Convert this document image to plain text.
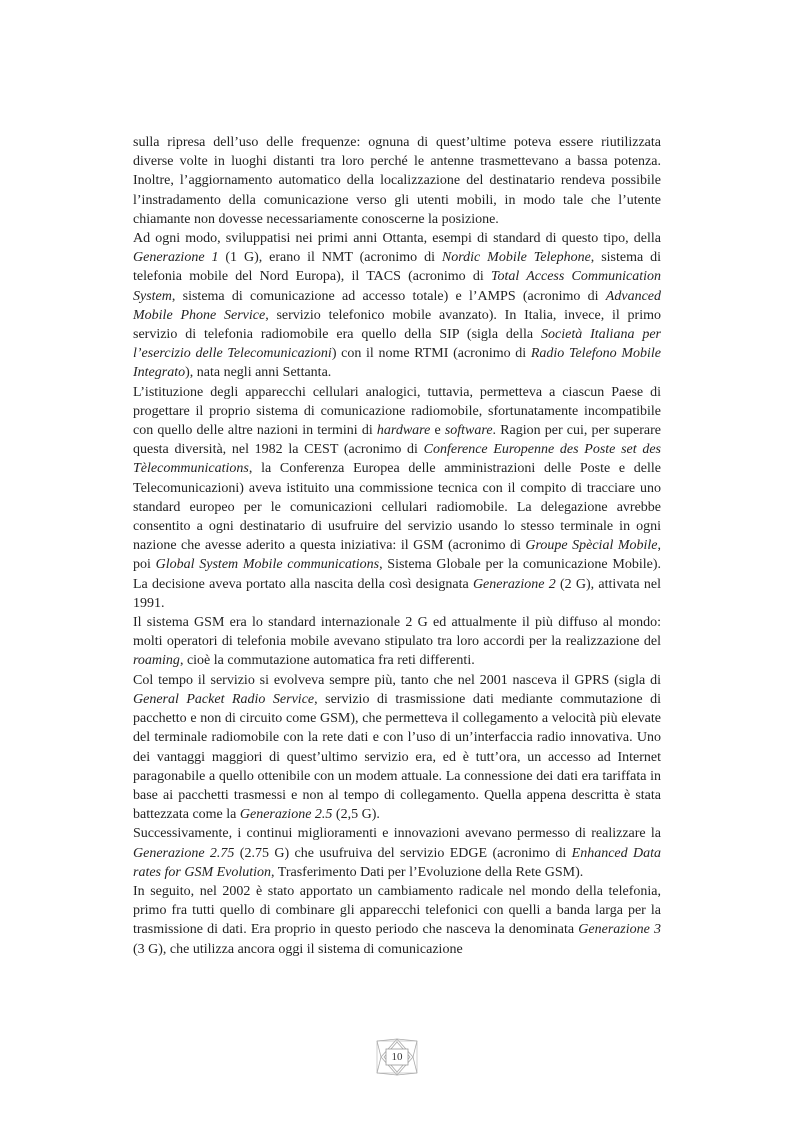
sulla ripresa dell’uso delle frequenze: ognuna di quest’ultime poteva essere riutilizzata diverse volte in luoghi distanti tra loro perché le antenne trasmettevano a bassa potenza. Inoltre, l’aggiornamento automatico della localizzazione del destinatario rendeva possibile l’instradamento della comunicazione verso gli utenti mobili, in modo tale che l’utente chiamante non dovesse necessariamente conoscerne la posizione.

Ad ogni modo, sviluppatisi nei primi anni Ottanta, esempi di standard di questo tipo, della Generazione 1 (1 G), erano il NMT (acronimo di Nordic Mobile Telephone, sistema di telefonia mobile del Nord Europa), il TACS (acronimo di Total Access Communication System, sistema di comunicazione ad accesso totale) e l’AMPS (acronimo di Advanced Mobile Phone Service, servizio telefonico mobile avanzato). In Italia, invece, il primo servizio di telefonia radiomobile era quello della SIP (sigla della Società Italiana per l’esercizio delle Telecomunicazioni) con il nome RTMI (acronimo di Radio Telefono Mobile Integrato), nata negli anni Settanta.

L’istituzione degli apparecchi cellulari analogici, tuttavia, permetteva a ciascun Paese di progettare il proprio sistema di comunicazione radiomobile, sfortunatamente incompatibile con quello delle altre nazioni in termini di hardware e software. Ragion per cui, per superare questa diversità, nel 1982 la CEST (acronimo di Conference Europenne des Poste set des Tèlecommunications, la Conferenza Europea delle amministrazioni delle Poste e delle Telecomunicazioni) aveva istituito una commissione tecnica con il compito di tracciare uno standard europeo per le comunicazioni cellulari radiomobile. La delegazione avrebbe consentito a ogni destinatario di usufruire del servizio usando lo stesso terminale in ogni nazione che avesse aderito a questa iniziativa: il GSM (acronimo di Groupe Spècial Mobile, poi Global System Mobile communications, Sistema Globale per la comunicazione Mobile). La decisione aveva portato alla nascita della così designata Generazione 2 (2 G), attivata nel 1991.

Il sistema GSM era lo standard internazionale 2 G ed attualmente il più diffuso al mondo: molti operatori di telefonia mobile avevano stipulato tra loro accordi per la realizzazione del roaming, cioè la commutazione automatica fra reti differenti.

Col tempo il servizio si evolveva sempre più, tanto che nel 2001 nasceva il GPRS (sigla di General Packet Radio Service, servizio di trasmissione dati mediante commutazione di pacchetto e non di circuito come GSM), che permetteva il collegamento a velocità più elevate del terminale radiomobile con la rete dati e con l’uso di un’interfaccia radio innovativa. Uno dei vantaggi maggiori di quest’ultimo servizio era, ed è tutt’ora, un accesso ad Internet paragonabile a quello ottenibile con un modem attuale. La connessione dei dati era tariffata in base ai pacchetti trasmessi e non al tempo di collegamento. Quella appena descritta è stata battezzata come la Generazione 2.5 (2,5 G).

Successivamente, i continui miglioramenti e innovazioni avevano permesso di realizzare la Generazione 2.75 (2.75 G) che usufruiva del servizio EDGE (acronimo di Enhanced Data rates for GSM Evolution, Trasferimento Dati per l’Evoluzione della Rete GSM).

In seguito, nel 2002 è stato apportato un cambiamento radicale nel mondo della telefonia, primo fra tutti quello di combinare gli apparecchi telefonici con quelli a banda larga per la trasmissione di dati. Era proprio in questo periodo che nasceva la denominata Generazione 3 (3 G), che utilizza ancora oggi il sistema di comunicazione

10
